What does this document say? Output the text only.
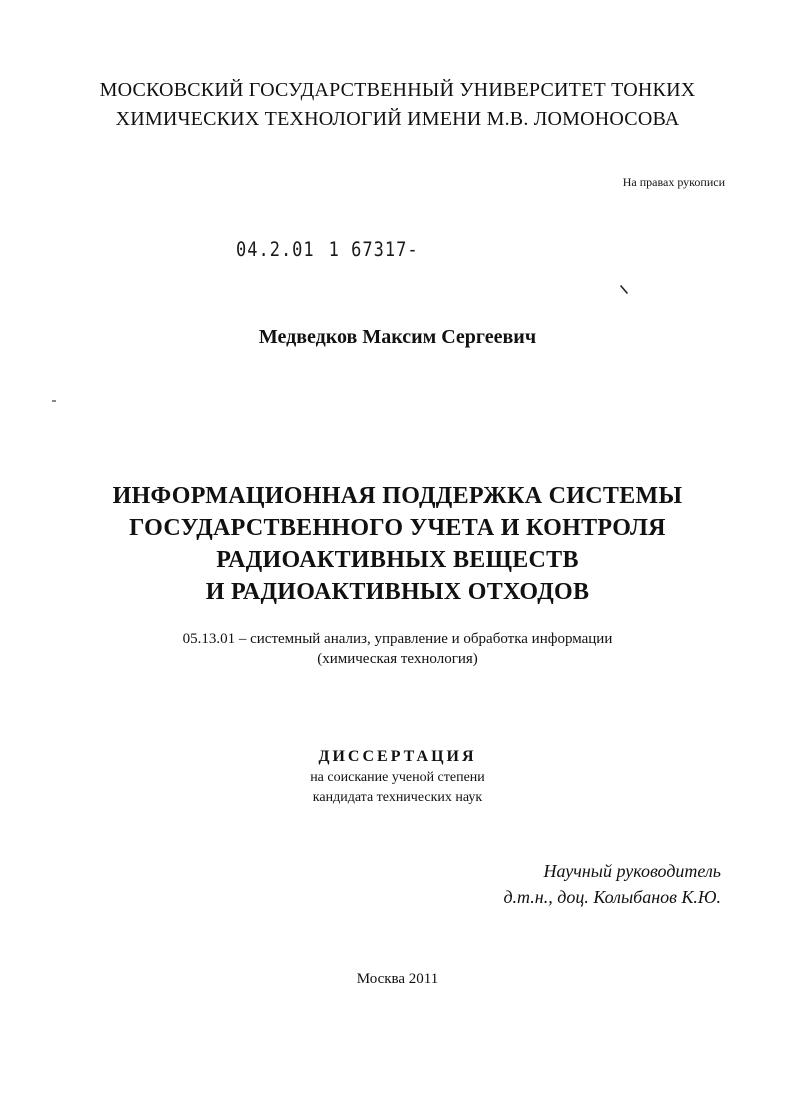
МОСКОВСКИЙ ГОСУДАРСТВЕННЫЙ УНИВЕРСИТЕТ ТОНКИХ
ХИМИЧЕСКИХ ТЕХНОЛОГИЙ ИМЕНИ М.В. ЛОМОНОСОВА
На правах рукописи
04.2.01 1 67317-
Медведков Максим Сергеевич
ИНФОРМАЦИОННАЯ ПОДДЕРЖКА СИСТЕМЫ
ГОСУДАРСТВЕННОГО УЧЕТА И КОНТРОЛЯ
РАДИОАКТИВНЫХ ВЕЩЕСТВ
И РАДИОАКТИВНЫХ ОТХОДОВ
05.13.01 – системный анализ, управление и обработка информации
(химическая технология)
ДИССЕРТАЦИЯ
на соискание ученой степени
кандидата технических наук
Научный руководитель
д.т.н., доц. Колыбанов К.Ю.
Москва 2011
